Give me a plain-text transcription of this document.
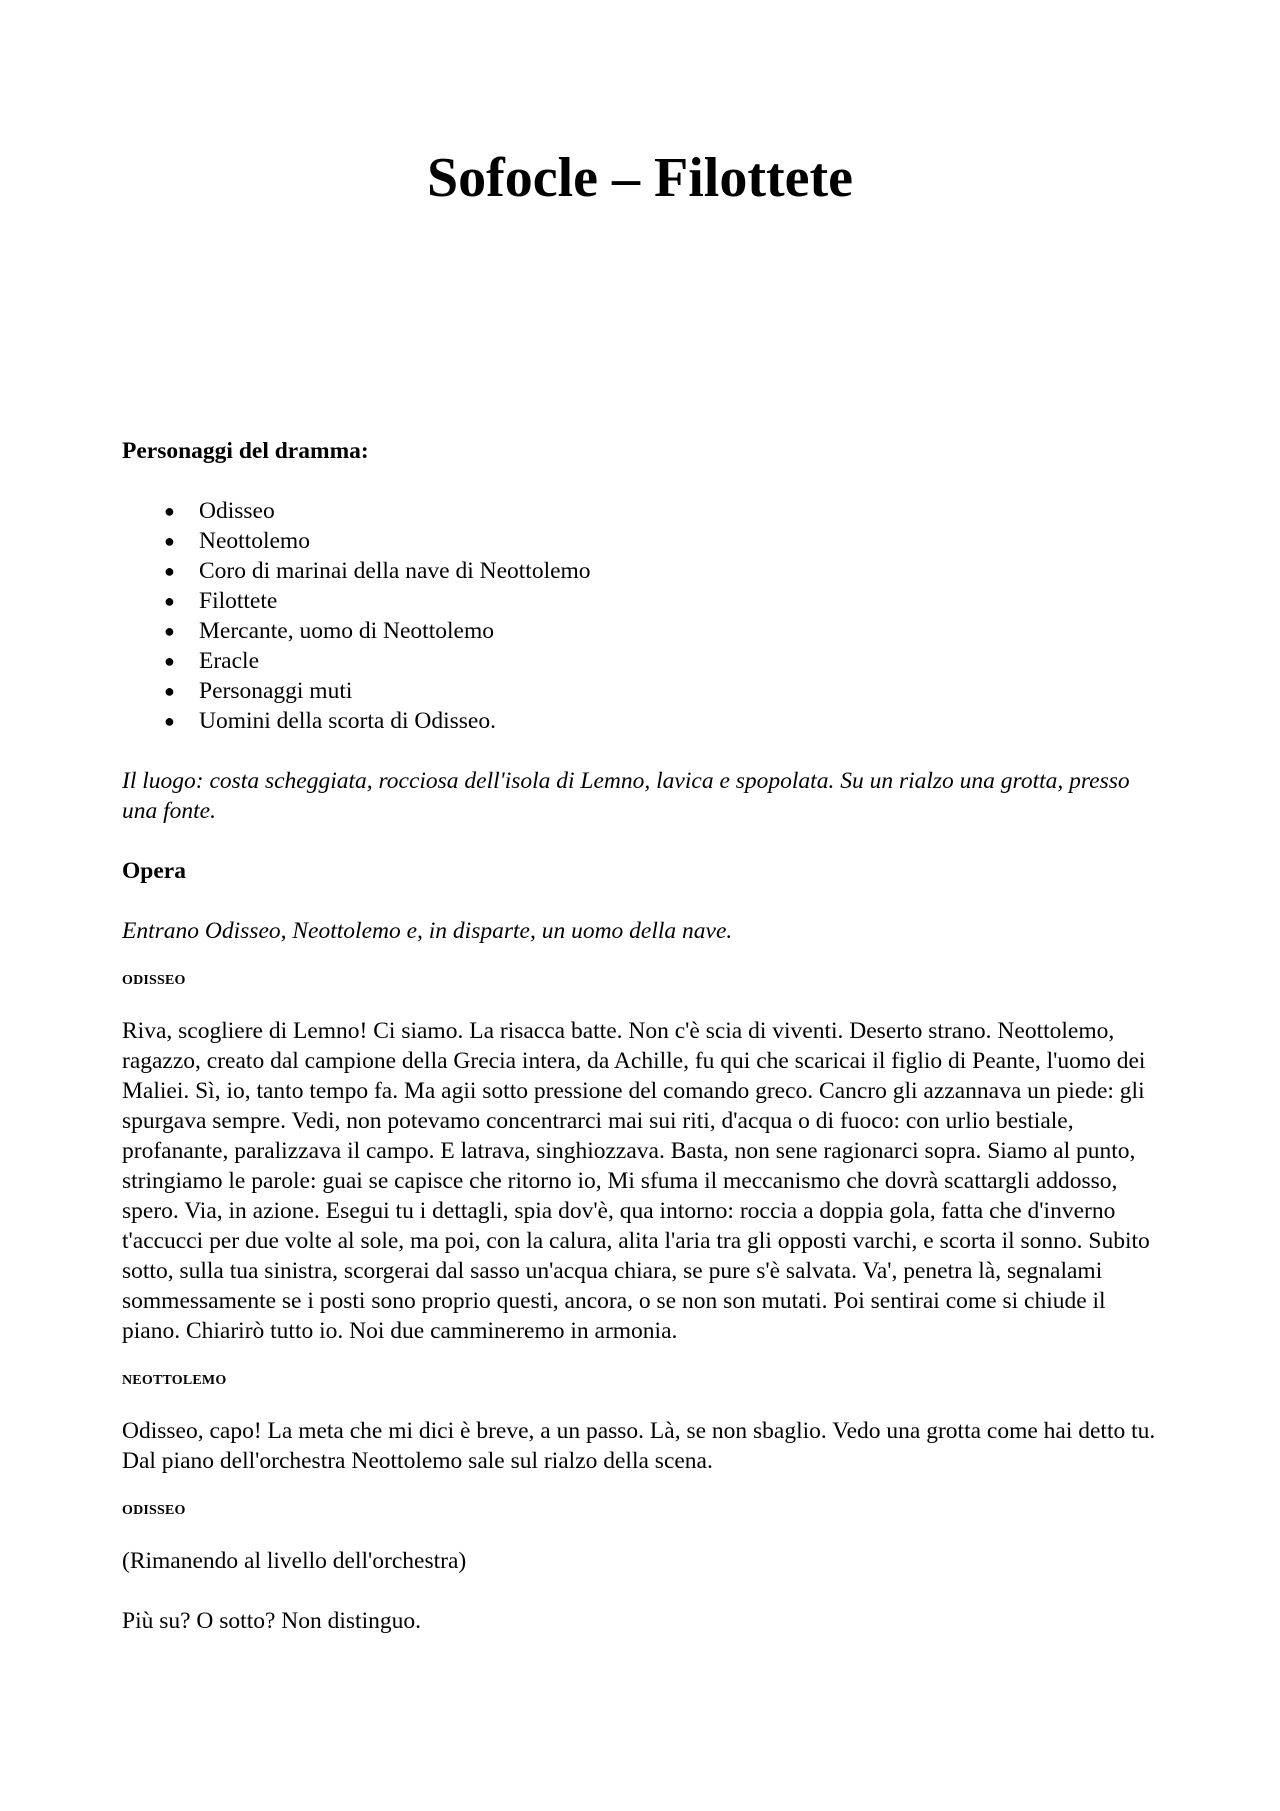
Sofocle – Filottete

Personaggi del dramma:

● Odisseo
● Neottolemo
● Coro di marinai della nave di Neottolemo
● Filottete
● Mercante, uomo di Neottolemo
● Eracle
● Personaggi muti
● Uomini della scorta di Odisseo.

Il luogo: costa scheggiata, rocciosa dell'isola di Lemno, lavica e spopolata. Su un rialzo una grotta, presso una fonte.

Opera

Entrano Odisseo, Neottolemo e, in disparte, un uomo della nave.

ODISSEO

Riva, scogliere di Lemno! Ci siamo. La risacca batte. Non c'è scia di viventi. Deserto strano. Neottolemo, ragazzo, creato dal campione della Grecia intera, da Achille, fu qui che scaricai il figlio di Peante, l'uomo dei Maliei. Sì, io, tanto tempo fa. Ma agii sotto pressione del comando greco. Cancro gli azzannava un piede: gli spurgava sempre. Vedi, non potevamo concentrarci mai sui riti, d'acqua o di fuoco: con urlio bestiale, profanante, paralizzava il campo. E latrava, singhiozzava. Basta, non sene ragionarci sopra. Siamo al punto, stringiamo le parole: guai se capisce che ritorno io, Mi sfuma il meccanismo che dovrà scattargli addosso, spero. Via, in azione. Esegui tu i dettagli, spia dov'è, qua intorno: roccia a doppia gola, fatta che d'inverno t'accucci per due volte al sole, ma poi, con la calura, alita l'aria tra gli opposti varchi, e scorta il sonno. Subito sotto, sulla tua sinistra, scorgerai dal sasso un'acqua chiara, se pure s'è salvata. Va', penetra là, segnalami sommessamente se i posti sono proprio questi, ancora, o se non son mutati. Poi sentirai come si chiude il piano. Chiarirò tutto io. Noi due cammineremo in armonia.

NEOTTOLEMO

Odisseo, capo! La meta che mi dici è breve, a un passo. Là, se non sbaglio. Vedo una grotta come hai detto tu. Dal piano dell'orchestra Neottolemo sale sul rialzo della scena.

ODISSEO

(Rimanendo al livello dell'orchestra)

Più su? O sotto? Non distinguo.
